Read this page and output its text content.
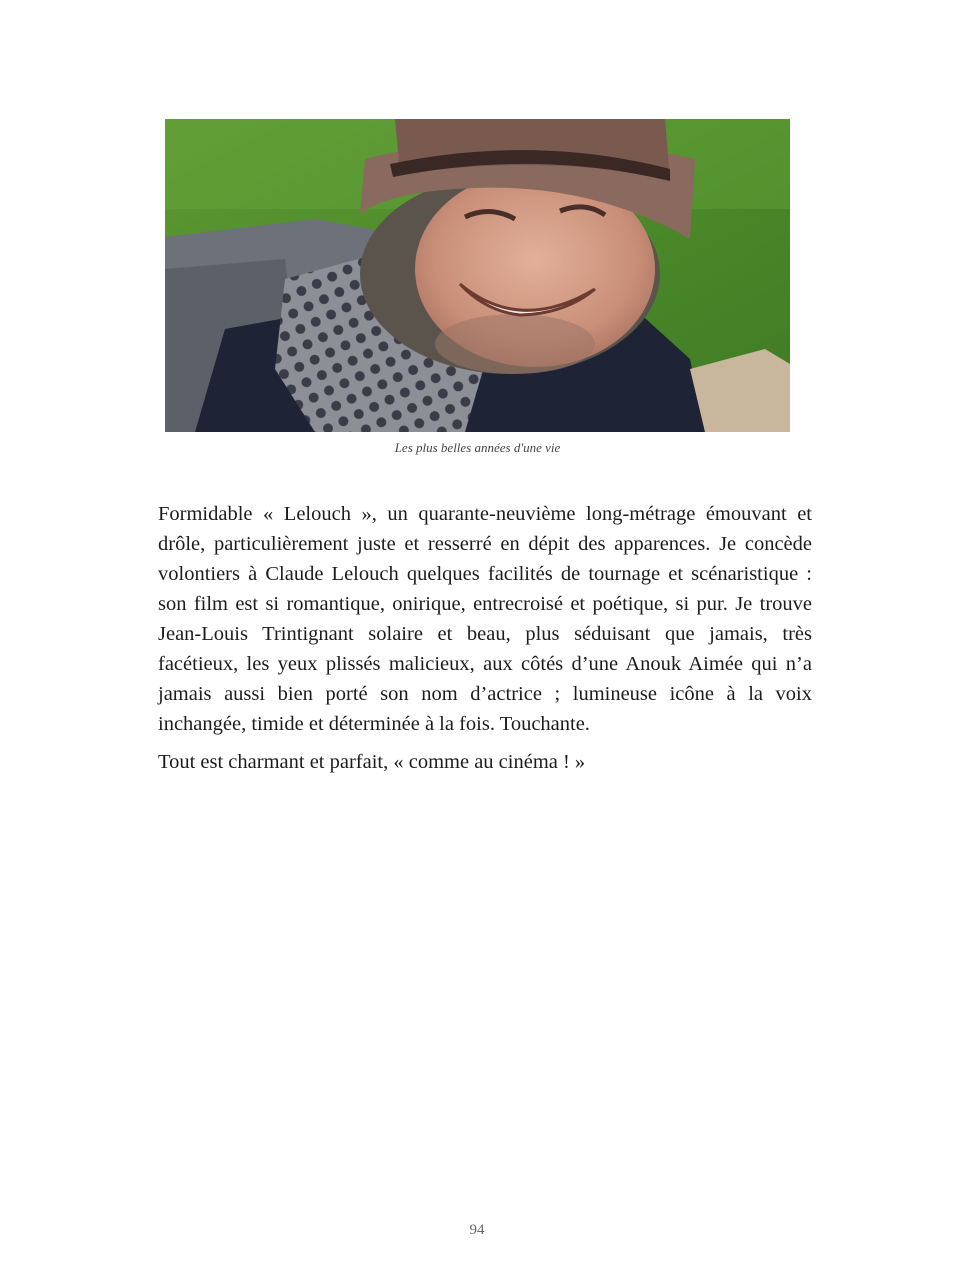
Les plus belles années d'une vie

Formidable « Lelouch », un quarante-neuvième long-métrage émouvant et drôle, particulièrement juste et resserré en dépit des apparences. Je concède volontiers à Claude Lelouch quelques facilités de tournage et scénaristique : son film est si romantique, onirique, entrecroisé et poétique, si pur. Je trouve Jean-Louis Trintignant solaire et beau, plus séduisant que jamais, très facétieux, les yeux plissés malicieux, aux côtés d’une Anouk Aimée qui n’a jamais aussi bien porté son nom d’actrice ; lumineuse icône à la voix inchangée, timide et déterminée à la fois. Touchante.

Tout est charmant et parfait, « comme au cinéma ! »

94
